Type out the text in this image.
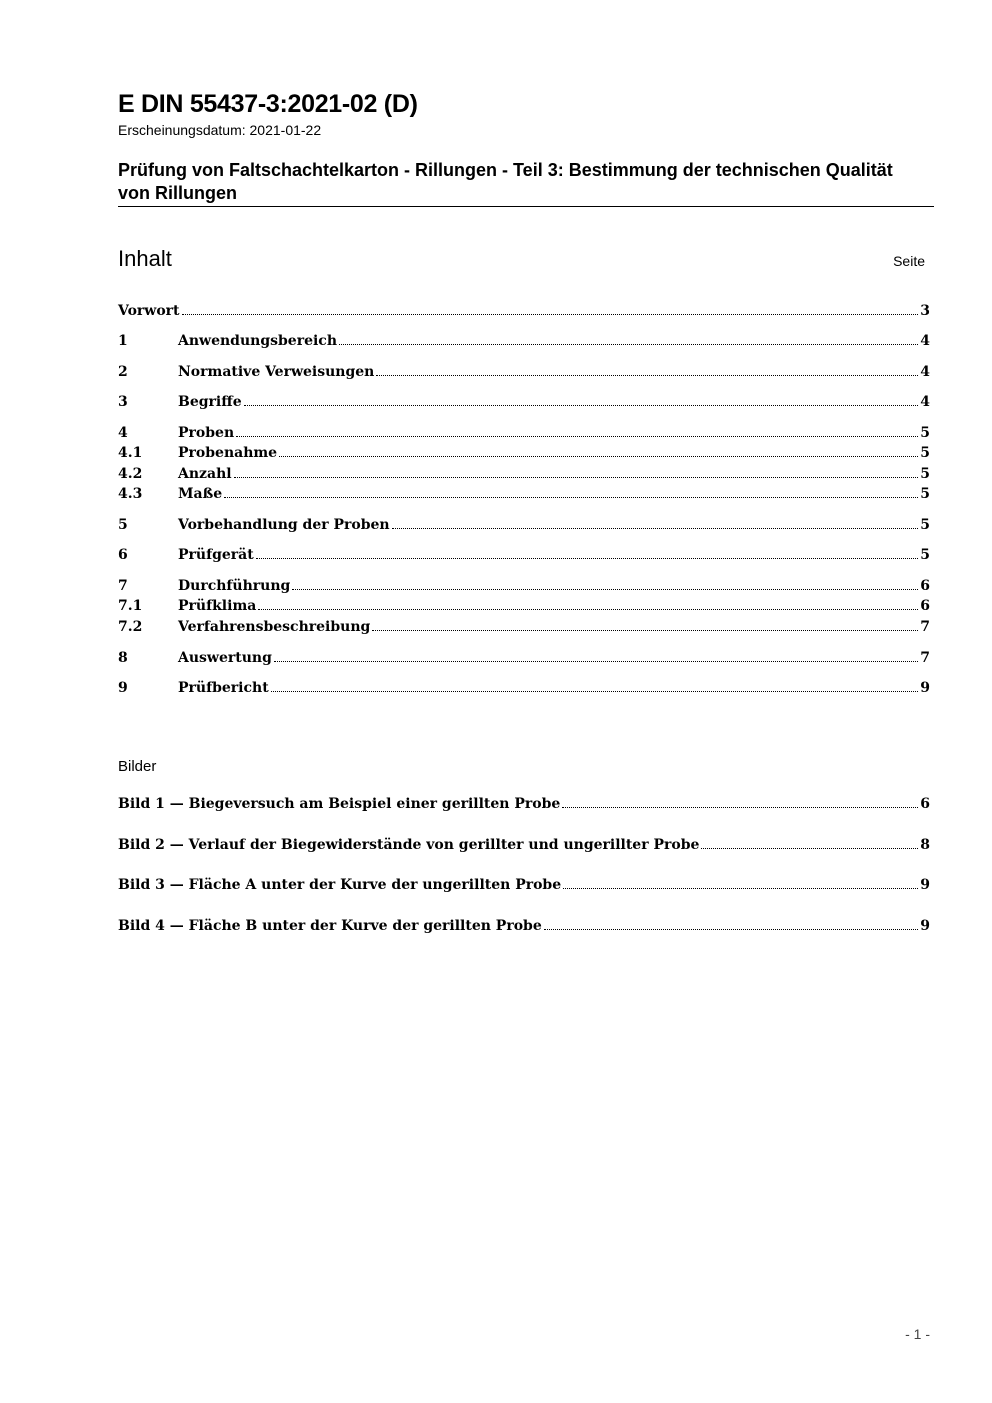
E DIN 55437-3:2021-02 (D)
Erscheinungsdatum: 2021-01-22
Prüfung von Faltschachtelkarton - Rillungen - Teil 3: Bestimmung der technischen Qualität von Rillungen
Inhalt	Seite
Vorwort	3
1	Anwendungsbereich	4
2	Normative Verweisungen	4
3	Begriffe	4
4	Proben	5
4.1	Probenahme	5
4.2	Anzahl	5
4.3	Maße	5
5	Vorbehandlung der Proben	5
6	Prüfgerät	5
7	Durchführung	6
7.1	Prüfklima	6
7.2	Verfahrensbeschreibung	7
8	Auswertung	7
9	Prüfbericht	9
Bilder
Bild 1 — Biegeversuch am Beispiel einer gerillten Probe	6
Bild 2 — Verlauf der Biegewiderstände von gerillter und ungerillter Probe	8
Bild 3 — Fläche A unter der Kurve der ungerillten Probe	9
Bild 4 — Fläche B unter der Kurve der gerillten Probe	9
- 1 -
